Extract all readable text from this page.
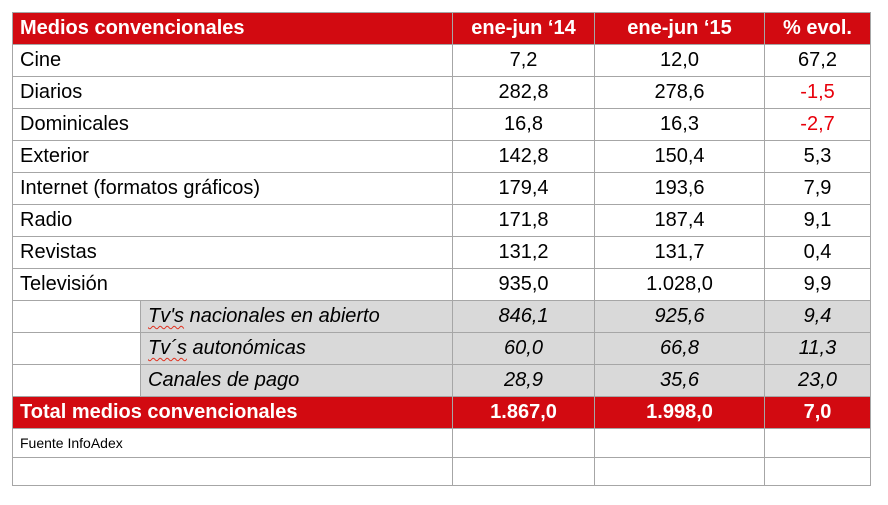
Medios convencionales		ene-jun ‘14	ene-jun ‘15	% evol.
Cine		7,2	12,0	67,2
Diarios		282,8	278,6	-1,5
Dominicales		16,8	16,3	-2,7
Exterior		142,8	150,4	5,3
Internet (formatos gráficos)		179,4	193,6	7,9
Radio		171,8	187,4	9,1
Revistas		131,2	131,7	0,4
Televisión		935,0	1.028,0	9,9
	Tv's nacionales en abierto	846,1	925,6	9,4
	Tv´s autonómicas	60,0	66,8	11,3
	Canales de pago	28,9	35,6	23,0
Total medios convencionales		1.867,0	1.998,0	7,0
Fuente InfoAdex				
